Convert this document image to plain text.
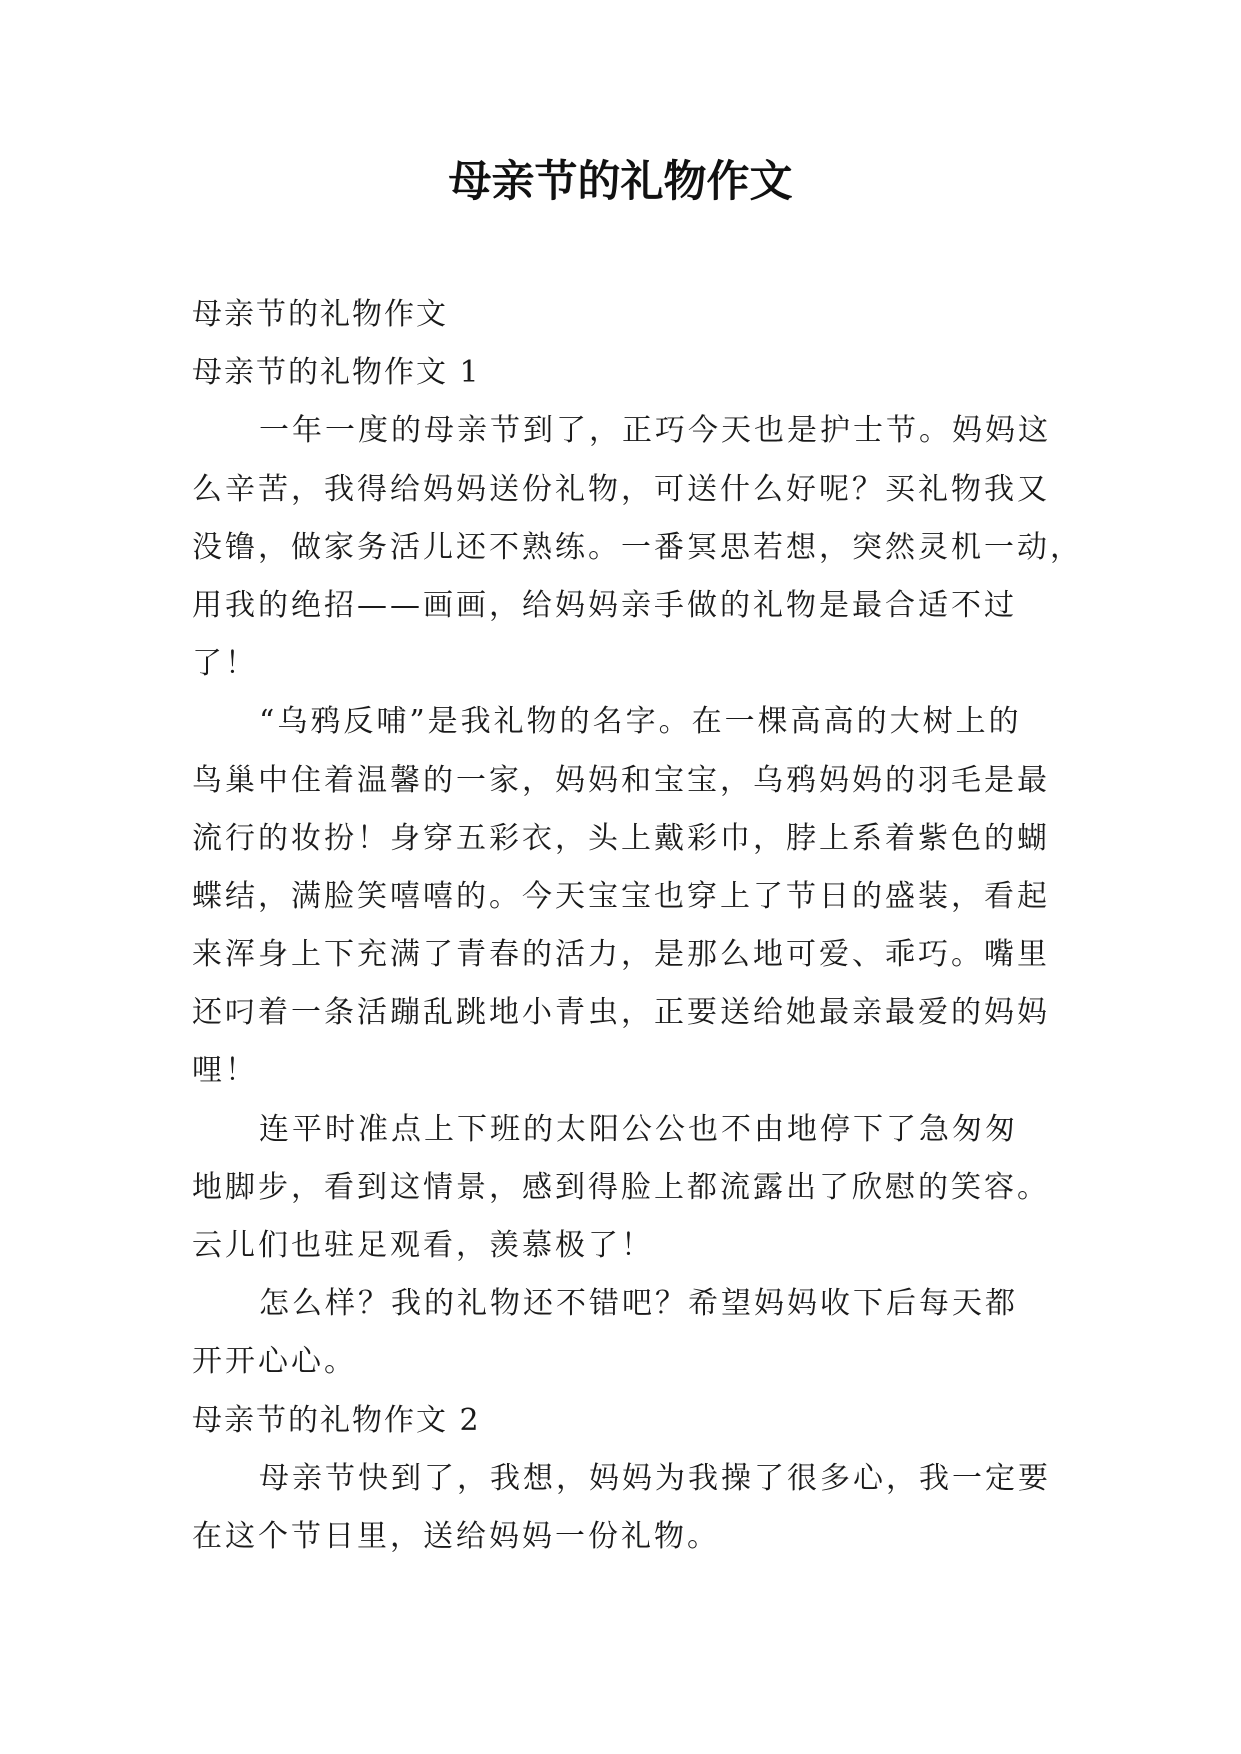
母亲节的礼物作文
母亲节的礼物作文
母亲节的礼物作文 1
一年一度的母亲节到了，正巧今天也是护士节。妈妈这
么辛苦，我得给妈妈送份礼物，可送什么好呢？买礼物我又
没镥，做家务活儿还不熟练。一番冥思若想，突然灵机一动，
用我的绝招——画画，给妈妈亲手做的礼物是最合适不过
了！
“乌鸦反哺”是我礼物的名字。在一棵高高的大树上的
鸟巢中住着温馨的一家，妈妈和宝宝，乌鸦妈妈的羽毛是最
流行的妆扮！身穿五彩衣，头上戴彩巾，脖上系着紫色的蝴
蝶结，满脸笑嘻嘻的。今天宝宝也穿上了节日的盛装，看起
来浑身上下充满了青春的活力，是那么地可爱、乖巧。嘴里
还叼着一条活蹦乱跳地小青虫，正要送给她最亲最爱的妈妈
哩！
连平时准点上下班的太阳公公也不由地停下了急匆匆
地脚步，看到这情景，感到得脸上都流露出了欣慰的笑容。
云儿们也驻足观看，羡慕极了！
怎么样？我的礼物还不错吧？希望妈妈收下后每天都
开开心心。
母亲节的礼物作文 2
母亲节快到了，我想，妈妈为我操了很多心，我一定要
在这个节日里，送给妈妈一份礼物。
